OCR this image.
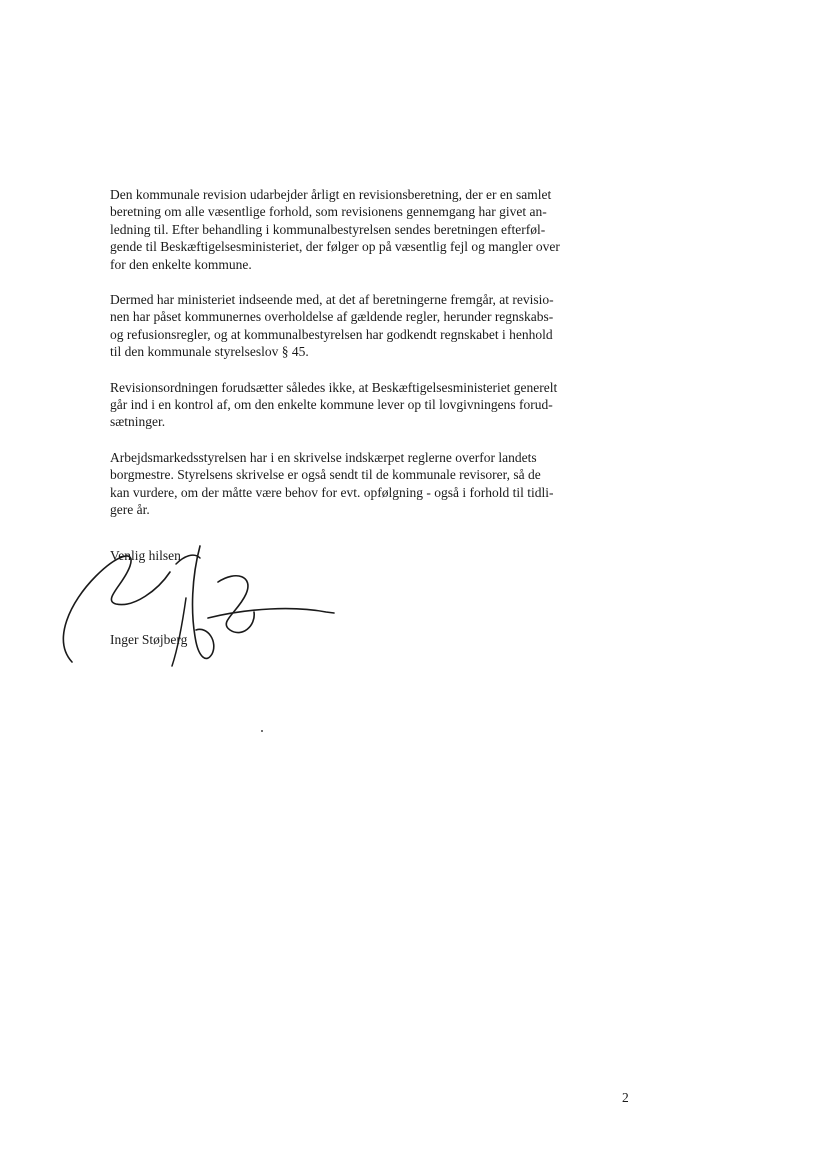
Den kommunale revision udarbejder årligt en revisionsberetning, der er en samlet
beretning om alle væsentlige forhold, som revisionens gennemgang har givet an-
ledning til. Efter behandling i kommunalbestyrelsen sendes beretningen efterføl-
gende til Beskæftigelsesministeriet, der følger op på væsentlig fejl og mangler over
for den enkelte kommune.
Dermed har ministeriet indseende med, at det af beretningerne fremgår, at revisio-
nen har påset kommunernes overholdelse af gældende regler, herunder regnskabs-
og refusionsregler, og at kommunalbestyrelsen har godkendt regnskabet i henhold
til den kommunale styrelseslov § 45.
Revisionsordningen forudsætter således ikke, at Beskæftigelsesministeriet generelt
går ind i en kontrol af, om den enkelte kommune lever op til lovgivningens forud-
sætninger.
Arbejdsmarkedsstyrelsen har i en skrivelse indskærpet reglerne overfor landets
borgmestre. Styrelsens skrivelse er også sendt til de kommunale revisorer, så de
kan vurdere, om der måtte være behov for evt. opfølgning - også i forhold til tidli-
gere år.
Venlig hilsen
Inger Støjberg
2
